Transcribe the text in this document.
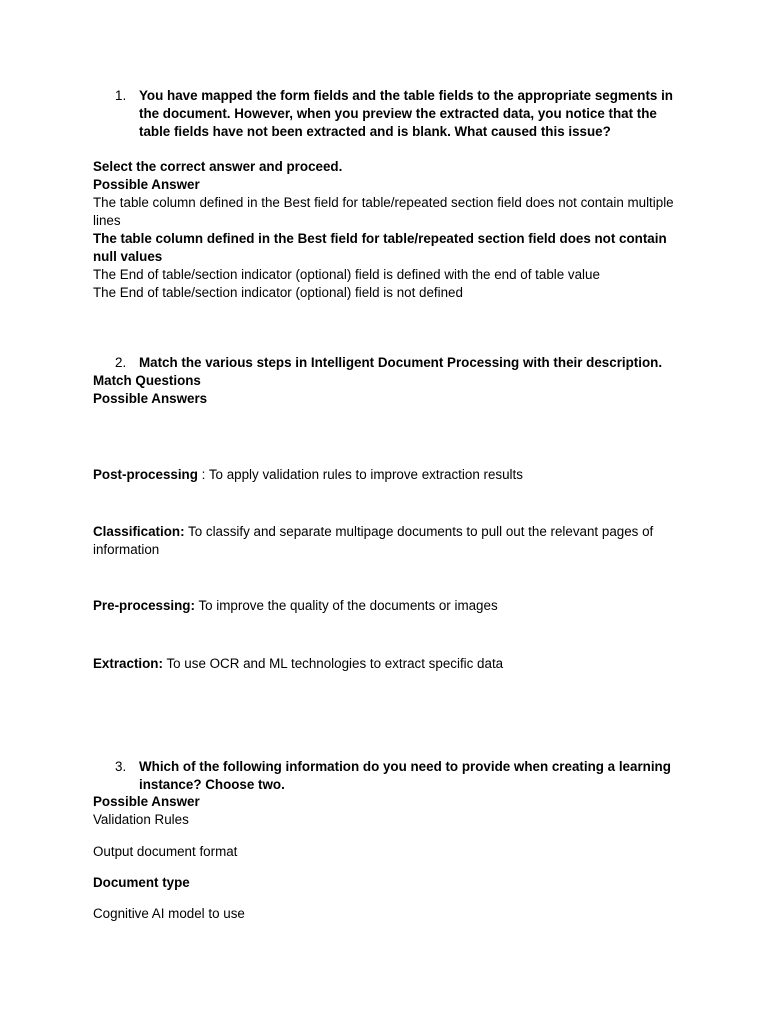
1. You have mapped the form fields and the table fields to the appropriate segments in the document. However, when you preview the extracted data, you notice that the table fields have not been extracted and is blank. What caused this issue?
Select the correct answer and proceed.
Possible Answer
The table column defined in the Best field for table/repeated section field does not contain multiple lines
The table column defined in the Best field for table/repeated section field does not contain null values
The End of table/section indicator (optional) field is defined with the end of table value
The End of table/section indicator (optional) field is not defined
2. Match the various steps in Intelligent Document Processing with their description.
Match Questions
Possible Answers
Post-processing : To apply validation rules to improve extraction results
Classification: To classify and separate multipage documents to pull out the relevant pages of information
Pre-processing: To improve the quality of the documents or images
Extraction: To use OCR and ML technologies to extract specific data
3. Which of the following information do you need to provide when creating a learning instance? Choose two.
Possible Answer
Validation Rules
Output document format
Document type
Cognitive AI model to use
